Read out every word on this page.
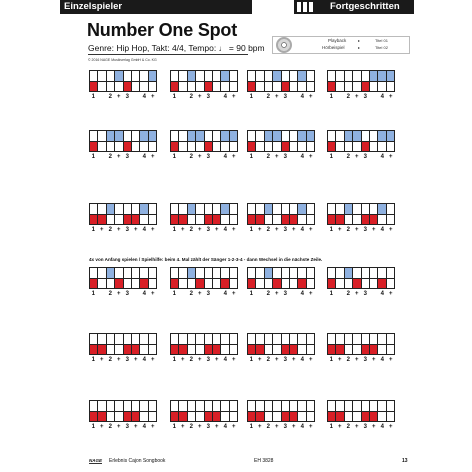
Einzelspieler	Fortgeschritten
Number One Spot
Genre: Hip Hop, Takt: 4/4, Tempo: ♩ = 90 bpm
© 2016 NAGE Musikverlag GmbH & Co. KG
Playback
Hörbeispiel
▸
▸
Titel 01
Titel 02
1	2 + 3	4 +	1	2 + 3	4 +	1	2 + 3	4 +	1	2 + 3	4 +
1	2 + 3	4 +	1	2 + 3	4 +	1	2 + 3	4 +	1	2 + 3	4 +
1 + 2 + 3 + 4 +	1 + 2 + 3 + 4 +	1 + 2 + 3 + 4 +	1 + 2 + 3 + 4 +
1	2 + 3	4 +	1	2 + 3	4 +	1	2 + 3	4 +	1	2 + 3	4 +
1 + 2 + 3 + 4 +	1 + 2 + 3 + 4 +	1 + 2 + 3 + 4 +	1 + 2 + 3 + 4 +
1 + 2 + 3 + 4 +	1 + 2 + 3 + 4 +	1 + 2 + 3 + 4 +	1 + 2 + 3 + 4 +
4x von Anfang spielen / Spielhilfe: beim 4. Mal zählt der Sänger 1-2-3-4 - dann Wechsel in die nächste Zeile.
NAGE Erlebnis Cajon Songbook	EH 3828	13
